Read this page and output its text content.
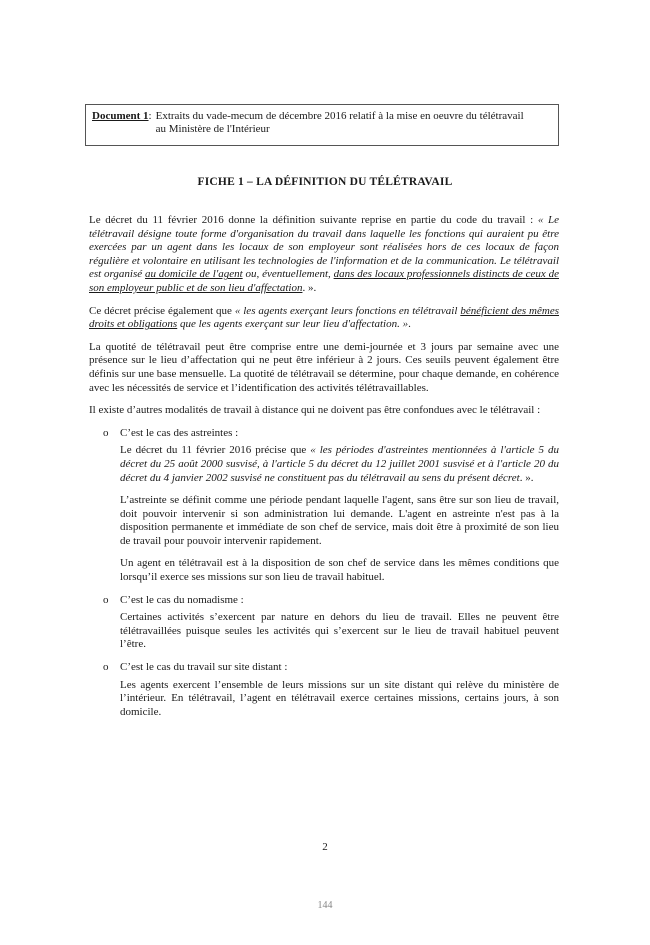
Document 1: Extraits du vade-mecum de décembre 2016 relatif à la mise en oeuvre du télétravail
au Ministère de l'Intérieur
FICHE 1 – LA DÉFINITION DU TÉLÉTRAVAIL

Le décret du 11 février 2016 donne la définition suivante reprise en partie du code du travail : « Le télétravail désigne toute forme d'organisation du travail dans laquelle les fonctions qui auraient pu être exercées par un agent dans les locaux de son employeur sont réalisées hors de ces locaux de façon régulière et volontaire en utilisant les technologies de l'information et de la communication. Le télétravail est organisé au domicile de l'agent ou, éventuellement, dans des locaux professionnels distincts de ceux de son employeur public et de son lieu d'affectation. ».

Ce décret précise également que « les agents exerçant leurs fonctions en télétravail bénéficient des mêmes droits et obligations que les agents exerçant sur leur lieu d'affectation. ».

La quotité de télétravail peut être comprise entre une demi-journée et 3 jours par semaine avec une présence sur le lieu d’affectation qui ne peut être inférieur à 2 jours. Ces seuils peuvent également être définis sur une base mensuelle. La quotité de télétravail se détermine, pour chaque demande, en cohérence avec les nécessités de service et l’identification des activités télétravaillables.

Il existe d’autres modalités de travail à distance qui ne doivent pas être confondues avec le télétravail :

o C’est le cas des astreintes :

Le décret du 11 février 2016 précise que « les périodes d'astreintes mentionnées à l'article 5 du décret du 25 août 2000 susvisé, à l'article 5 du décret du 12 juillet 2001 susvisé et à l'article 20 du décret du 4 janvier 2002 susvisé ne constituent pas du télétravail au sens du présent décret. ».

L’astreinte se définit comme une période pendant laquelle l'agent, sans être sur son lieu de travail, doit pouvoir intervenir si son administration lui demande. L'agent en astreinte n'est pas à la disposition permanente et immédiate de son chef de service, mais doit être à proximité de son lieu de travail pour pouvoir intervenir rapidement.

Un agent en télétravail est à la disposition de son chef de service dans les mêmes conditions que lorsqu’il exerce ses missions sur son lieu de travail habituel.

o C’est le cas du nomadisme :

Certaines activités s’exercent par nature en dehors du lieu de travail. Elles ne peuvent être télétravaillées puisque seules les activités qui s’exercent sur le lieu de travail habituel peuvent l’être.

o C’est le cas du travail sur site distant :

Les agents exercent l’ensemble de leurs missions sur un site distant qui relève du ministère de l’intérieur. En télétravail, l’agent en télétravail exerce certaines missions, certains jours, à son domicile.

2
144
